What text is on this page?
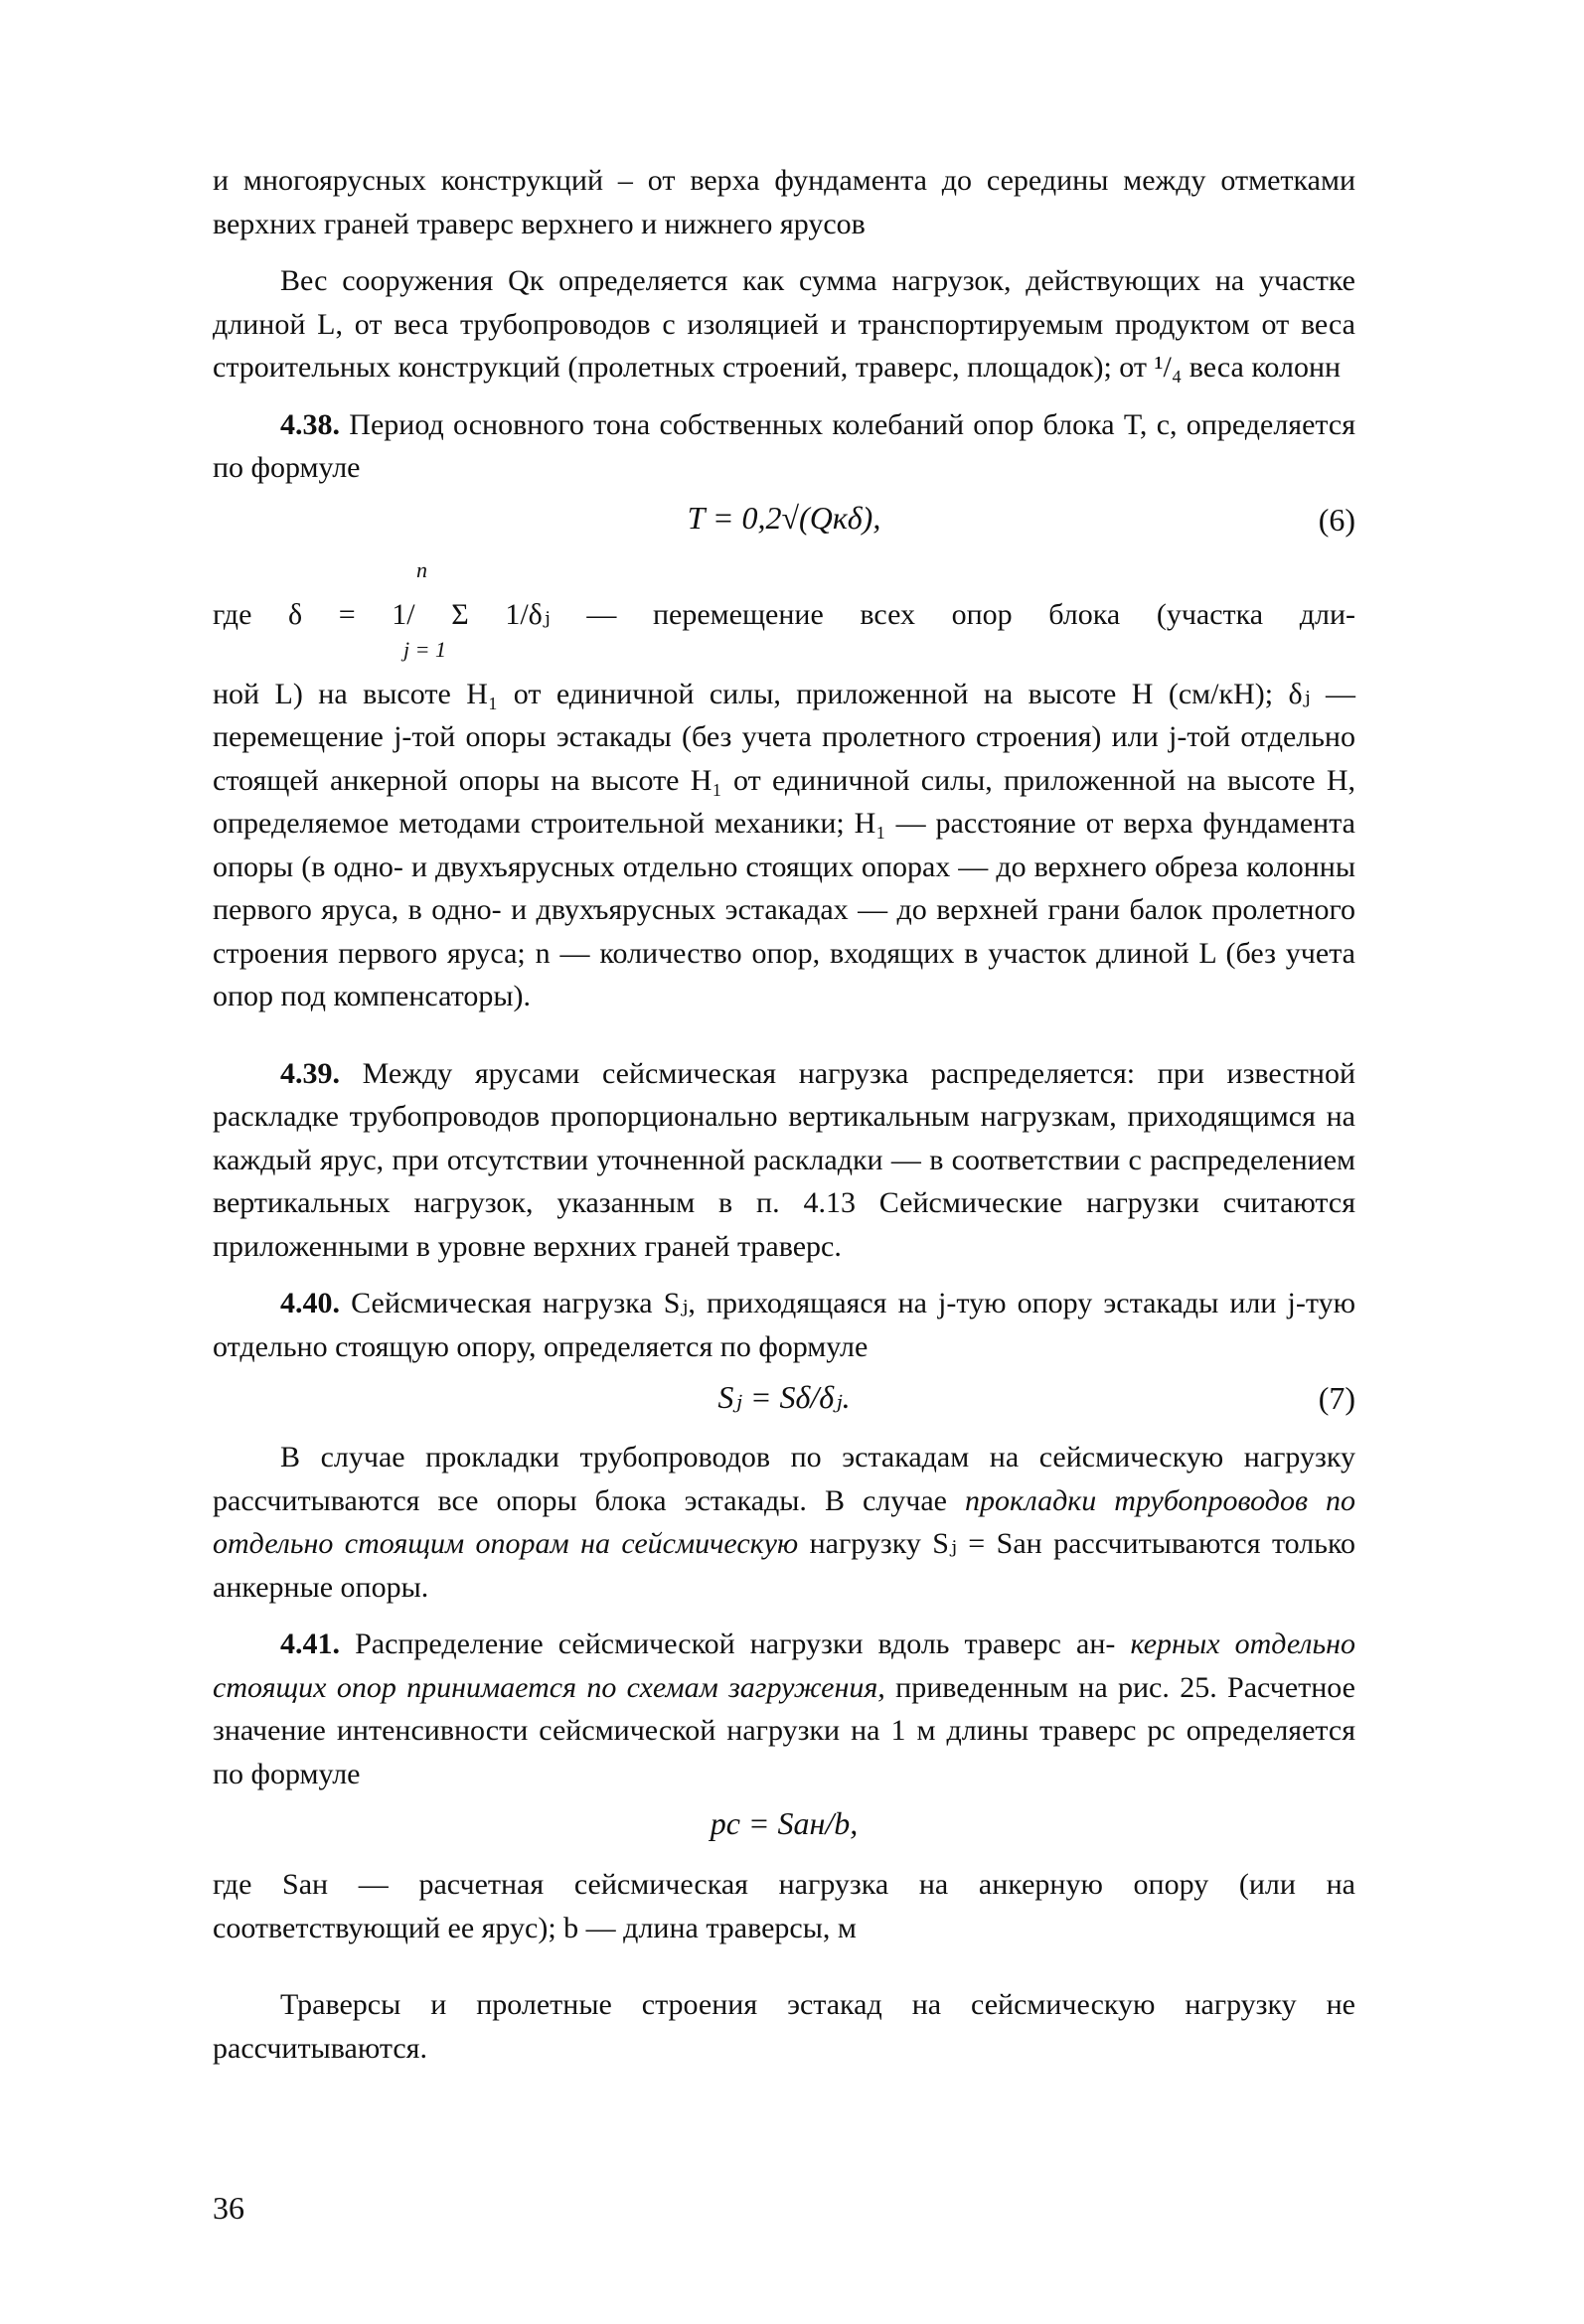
и многоярусных конструкций – от верха фундамента до середины между отметками верхних граней траверс верхнего и нижнего ярусов

Вес сооружения Qк определяется как сумма нагрузок, действующих на участке длиной L, от веса трубопроводов с изоляцией и транспортируемым продуктом от веса строительных конструкций (пролетных строений, траверс, площадок); от ¹/₄ веса колонн

4.38. Период основного тона собственных колебаний опор блока T, с, определяется по формуле

T = 0,2√(Qкδ),	(6)
n
где δ = 1/ Σ 1/δⱼ — перемещение всех опор блока (участка дли-
j = 1

ной L) на высоте H₁ от единичной силы, приложенной на высоте H (см/кН); δⱼ — перемещение j-той опоры эстакады (без учета пролетного строения) или j-той отдельно стоящей анкерной опоры на высоте H₁ от единичной силы, приложенной на высоте H, определяемое методами строительной механики; H₁ — расстояние от верха фундамента опоры (в одно- и двухъярусных отдельно стоящих опорах — до верхнего обреза колонны первого яруса, в одно- и двухъярусных эстакадах — до верхней грани балок пролетного строения первого яруса; n — количество опор, входящих в участок длиной L (без учета опор под компенсаторы).

4.39. Между ярусами сейсмическая нагрузка распределяется: при известной раскладке трубопроводов пропорционально вертикальным нагрузкам, приходящимся на каждый ярус, при отсутствии уточненной раскладки — в соответствии с распределением вертикальных нагрузок, указанным в п. 4.13 Сейсмические нагрузки считаются приложенными в уровне верхних граней траверс.

4.40. Сейсмическая нагрузка Sⱼ, приходящаяся на j-тую опору эстакады или j-тую отдельно стоящую опору, определяется по формуле

Sⱼ = Sδ/δⱼ.	(7)

В случае прокладки трубопроводов по эстакадам на сейсмическую нагрузку рассчитываются все опоры блока эстакады. В случае прокладки трубопроводов по отдельно стоящим опорам на сейсмическую нагрузку Sⱼ = Sан рассчитываются только анкерные опоры.

4.41. Распределение сейсмической нагрузки вдоль траверс ан- керных отдельно стоящих опор принимается по схемам загружения, приведенным на рис. 25. Расчетное значение интенсивности сейсмической нагрузки на 1 м длины траверс pc определяется по формуле

pc = Sан/b,

где Sан — расчетная сейсмическая нагрузка на анкерную опору (или на соответствующий ее ярус); b — длина траверсы, м

Траверсы и пролетные строения эстакад на сейсмическую нагрузку не рассчитываются.

36
